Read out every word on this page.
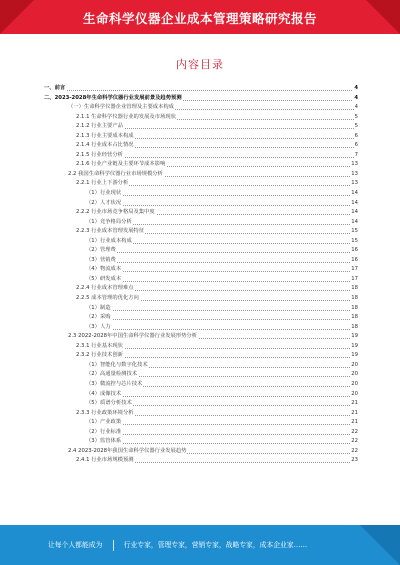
生命科学仪器企业成本管理策略研究报告
内容目录
一、前言	4
二、2023-2028年生命科学仪器行业发展前景及趋势预测	4
（一）生命科学仪器企业管理及主要成本构成	4
2.1.1 生命科学仪器行业的发展及市场现状	5
2.1.2 行业主要产品	5
2.1.3 行业主要成本构成	6
2.1.4 行业成本占比情况	6
2.1.5 行业经营分析	7
2.1.6 行业产业链及主要环节成本影响	13
2.2 我国生命科学仪器行业市场规模分析	13
2.2.1 行业上下游分析	13
（1）行业现状	14
（2）人才状况	14
2.2.2 行业市场竞争格局及集中度	14
（1）竞争格局分析	14
2.2.3 行业成本管理发展特征	15
（1）行业成本构成	15
（2）管理费	16
（3）营销费	16
（4）物流成本	17
（5）研发成本	17
2.2.4 行业成本管理难点	18
2.2.5 成本管理的优化方向	18
（1）制造	18
（2）采购	18
（3）人力	18
2.3 2022-2028年中国生命科学仪器行业发展形势分析	19
2.3.1 行业基本现状	19
2.3.2 行业技术创新	19
（1）智能化与数字化技术	20
（2）高通量检测技术	20
（3）微流控与芯片技术	20
（4）成像技术	20
（5）质谱分析技术	21
2.3.3 行业政策环境分析	21
（1）产业政策	21
（2）行业标准	22
（3）监管体系	22
2.4 2023-2028年我国生命科学仪器行业发展趋势	22
2.4.1 行业市场规模预测	23
让每个人都能成为	行业专家，管理专家，营销专家，战略专家，成本企业家……
